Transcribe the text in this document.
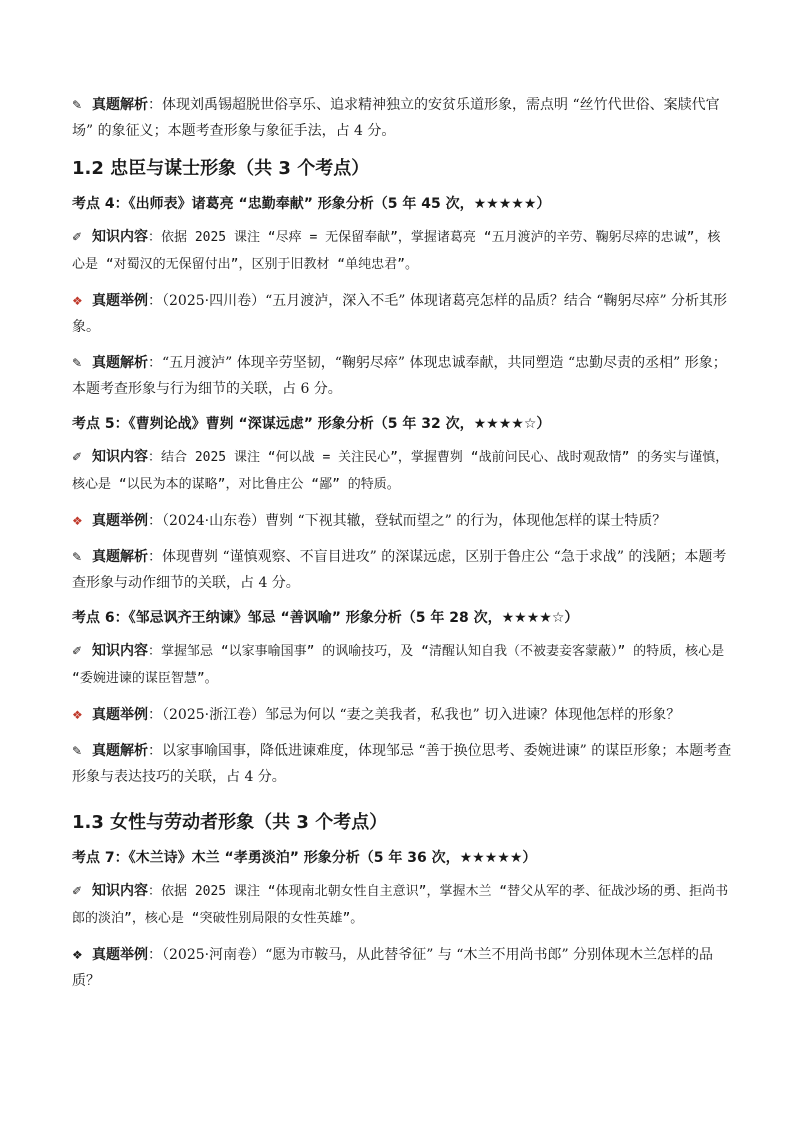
✎ 真题解析：体现刘禹锡超脱世俗享乐、追求精神独立的安贫乐道形象，需点明 “丝竹代世俗、案牍代官场” 的象征义；本题考查形象与象征手法，占 4 分。

1.2 忠臣与谋士形象（共 3 个考点）
考点 4：《出师表》诸葛亮 “忠勤奉献” 形象分析（5 年 45 次，★★★★★）

✐ 知识内容：依据 2025 课注 “尽瘁 = 无保留奉献”，掌握诸葛亮 “五月渡泸的辛劳、鞠躬尽瘁的忠诚”，核心是 “对蜀汉的无保留付出”，区别于旧教材 “单纯忠君”。

❖ 真题举例：（2025·四川卷）“五月渡泸，深入不毛” 体现诸葛亮怎样的品质？结合 “鞠躬尽瘁” 分析其形象。

✎ 真题解析：“五月渡泸” 体现辛劳坚韧，“鞠躬尽瘁” 体现忠诚奉献，共同塑造 “忠勤尽责的丞相” 形象；本题考查形象与行为细节的关联，占 6 分。

考点 5：《曹刿论战》曹刿 “深谋远虑” 形象分析（5 年 32 次，★★★★☆）

✐ 知识内容：结合 2025 课注 “何以战 = 关注民心”，掌握曹刿 “战前问民心、战时观敌情” 的务实与谨慎，核心是 “以民为本的谋略”，对比鲁庄公 “鄙” 的特质。

❖ 真题举例：（2024·山东卷）曹刿 “下视其辙，登轼而望之” 的行为，体现他怎样的谋士特质？

✎ 真题解析：体现曹刿 “谨慎观察、不盲目进攻” 的深谋远虑，区别于鲁庄公 “急于求战” 的浅陋；本题考查形象与动作细节的关联，占 4 分。

考点 6：《邹忌讽齐王纳谏》邹忌 “善讽喻” 形象分析（5 年 28 次，★★★★☆）

✐ 知识内容：掌握邹忌 “以家事喻国事” 的讽喻技巧，及 “清醒认知自我（不被妻妾客蒙蔽）” 的特质，核心是 “委婉进谏的谋臣智慧”。

❖ 真题举例：（2025·浙江卷）邹忌为何以 “妻之美我者，私我也” 切入进谏？体现他怎样的形象？

✎ 真题解析：以家事喻国事，降低进谏难度，体现邹忌 “善于换位思考、委婉进谏” 的谋臣形象；本题考查形象与表达技巧的关联，占 4 分。

1.3 女性与劳动者形象（共 3 个考点）
考点 7：《木兰诗》木兰 “孝勇淡泊” 形象分析（5 年 36 次，★★★★★）

✐ 知识内容：依据 2025 课注 “体现南北朝女性自主意识”，掌握木兰 “替父从军的孝、征战沙场的勇、拒尚书郎的淡泊”，核心是 “突破性别局限的女性英雄”。

❖ 真题举例：（2025·河南卷）“愿为市鞍马，从此替爷征” 与 “木兰不用尚书郎” 分别体现木兰怎样的品质？
